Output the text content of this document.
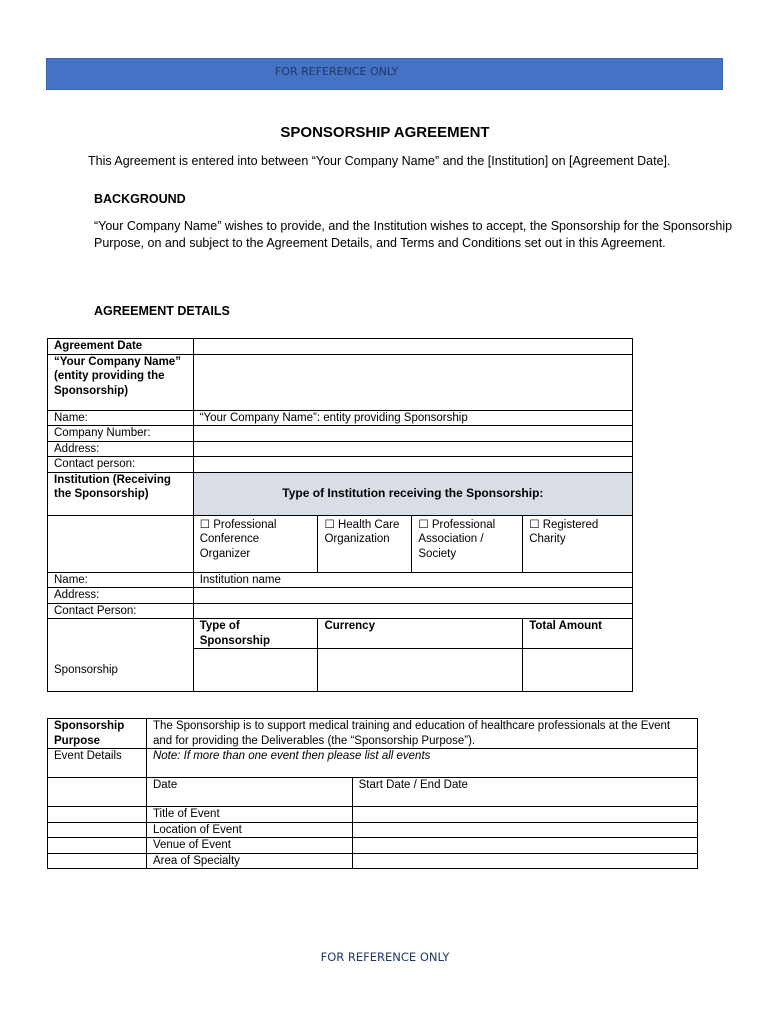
FOR REFERENCE ONLY
SPONSORSHIP AGREEMENT
This Agreement is entered into between “Your Company Name” and the [Institution] on [Agreement Date].
BACKGROUND
“Your Company Name” wishes to provide, and the Institution wishes to accept, the Sponsorship for the Sponsorship Purpose, on and subject to the Agreement Details, and Terms and Conditions set out in this Agreement.
AGREEMENT DETAILS
Agreement Date				
“Your Company Name” (entity providing the Sponsorship)				
Name:	“Your Company Name”: entity providing Sponsorship			
Company Number:				
Address:				
Contact person:				
Institution (Receiving the Sponsorship)	Type of Institution receiving the Sponsorship:			
	☐ Professional Conference Organizer	☐ Health Care Organization	☐ Professional Association / Society	☐ Registered Charity
Name:	Institution name			
Address:				
Contact Person:				
	Type of Sponsorship	Currency		Total Amount
Sponsorship				
Sponsorship Purpose	The Sponsorship is to support medical training and education of healthcare professionals at the Event and for providing the Deliverables (the “Sponsorship Purpose”).	
Event Details	Note: If more than one event then please list all events	
	Date	Start Date / End Date
	Title of Event	
	Location of Event	
	Venue of Event	
	Area of Specialty	
FOR REFERENCE ONLY
